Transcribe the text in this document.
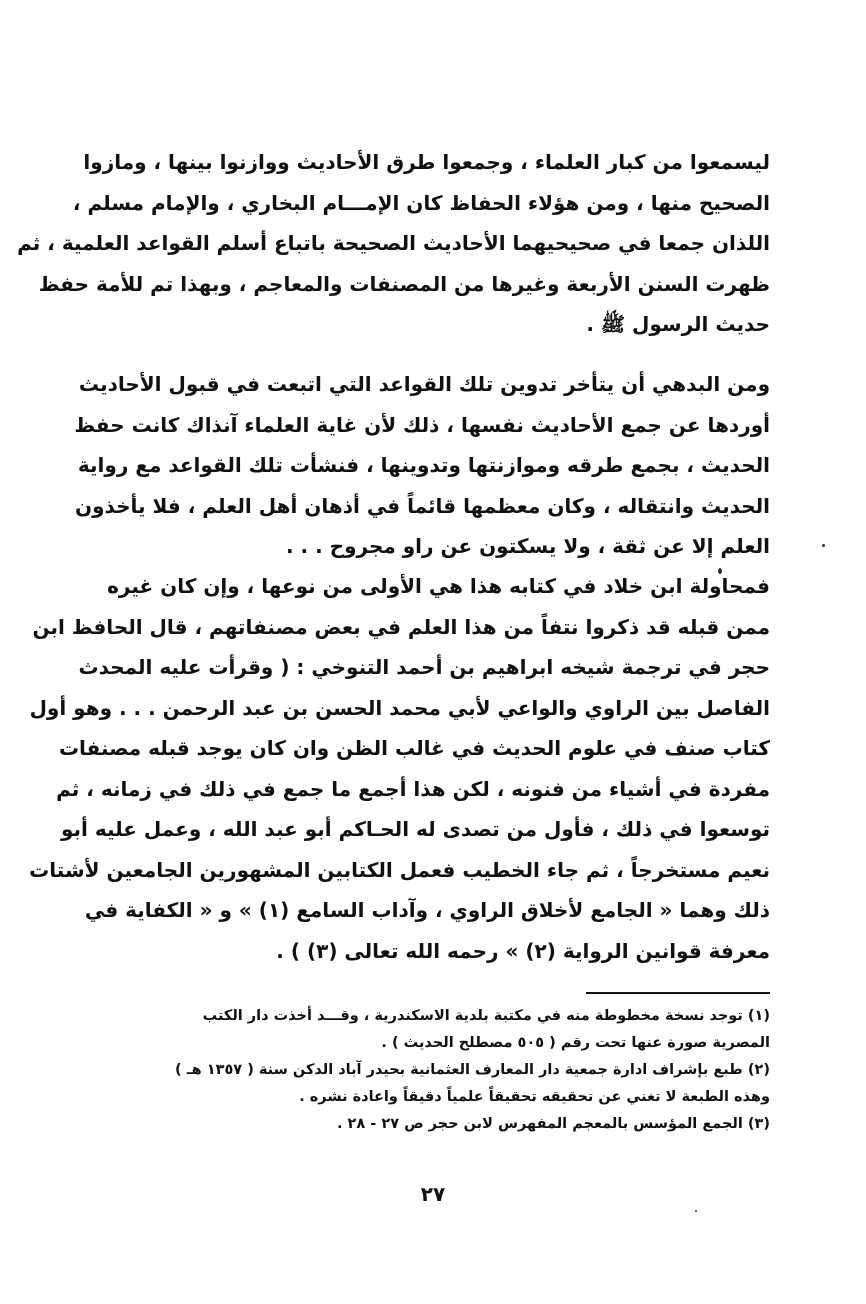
ليسمعوا من كبار العلماء ، وجمعوا طرق الأحاديث ووازنوا بينها ، ومازوا
الصحيح منها ، ومن هؤلاء الحفاظ كان الإمـــام البخاري ، والإمام مسلم ،
اللذان جمعا في صحيحيهما الأحاديث الصحيحة باتباع أسلم القواعد العلمية ، ثم
ظهرت السنن الأربعة وغيرها من المصنفات والمعاجم ، وبهذا تم للأمة حفظ
حديث الرسول ﷺ .

ومن البدهي أن يتأخر تدوين تلك القواعد التي اتبعت في قبول الأحاديث
أوردها عن جمع الأحاديث نفسها ، ذلك لأن غاية العلماء آنذاك كانت حفظ
الحديث ، بجمع طرقه وموازنتها وتدوينها ، فنشأت تلك القواعد مع رواية
الحديث وانتقاله ، وكان معظمها قائماً في أذهان أهل العلم ، فلا يأخذون
العلم إلا عن ثقة ، ولا يسكتون عن راو مجروح . . .

فمحاولة ابن خلاد في كتابه هذا هي الأولى من نوعها ، وإن كان غيره
ممن قبله قد ذكروا نتفاً من هذا العلم في بعض مصنفاتهم ، قال الحافظ ابن
حجر في ترجمة شيخه ابراهيم بن أحمد التنوخي : ( وقرأت عليه المحدث
الفاصل بين الراوي والواعي لأبي محمد الحسن بن عبد الرحمن . . . وهو أول
كتاب صنف في علوم الحديث في غالب الظن وان كان يوجد قبله مصنفات
مفردة في أشياء من فنونه ، لكن هذا أجمع ما جمع في ذلك في زمانه ، ثم
توسعوا في ذلك ، فأول من تصدى له الحـاكم أبو عبد الله ، وعمل عليه أبو
نعيم مستخرجاً ، ثم جاء الخطيب فعمل الكتابين المشهورين الجامعين لأشتات
ذلك وهما « الجامع لأخلاق الراوي ، وآداب السامع (١) » و « الكفاية في
معرفة قوانين الرواية (٢) » رحمه الله تعالى (٣) ) .

(١) توجد نسخة مخطوطة منه في مكتبة بلدية الاسكندرية ، وقـــد أخذت دار الكتب
المصرية صورة عنها تحت رقم ( ٥٠٥ مصطلح الحديث ) .
(٢) طبع بإشراف ادارة جمعية دار المعارف العثمانية بحيدر آباد الدكن سنة ( ١٣٥٧ هـ )
وهذه الطبعة لا تغني عن تحقيقه تحقيقاً علمياً دقيقاً واعادة نشره .
(٣) الجمع المؤسس بالمعجم المفهرس لابن حجر ص ٢٧ - ٢٨ .
٢٧
